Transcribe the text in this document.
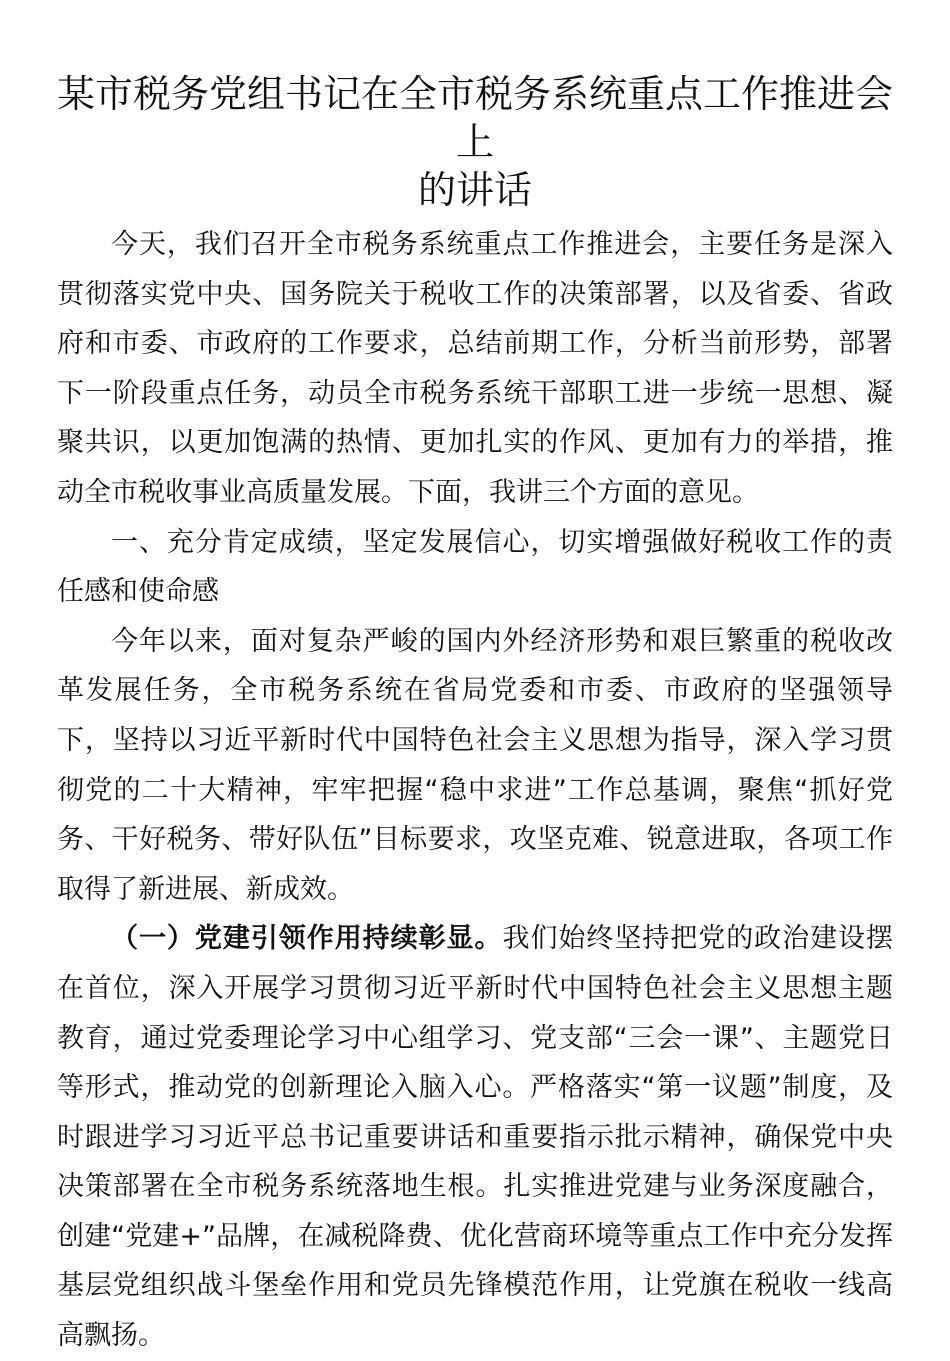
某市税务党组书记在全市税务系统重点工作推进会上
的讲话

今天，我们召开全市税务系统重点工作推进会，主要任务是深入贯彻落实党中央、国务院关于税收工作的决策部署，以及省委、省政府和市委、市政府的工作要求，总结前期工作，分析当前形势，部署下一阶段重点任务，动员全市税务系统干部职工进一步统一思想、凝聚共识，以更加饱满的热情、更加扎实的作风、更加有力的举措，推动全市税收事业高质量发展。下面，我讲三个方面的意见。

一、充分肯定成绩，坚定发展信心，切实增强做好税收工作的责任感和使命感

今年以来，面对复杂严峻的国内外经济形势和艰巨繁重的税收改革发展任务，全市税务系统在省局党委和市委、市政府的坚强领导下，坚持以习近平新时代中国特色社会主义思想为指导，深入学习贯彻党的二十大精神，牢牢把握“稳中求进”工作总基调，聚焦“抓好党务、干好税务、带好队伍”目标要求，攻坚克难、锐意进取，各项工作取得了新进展、新成效。

（一）党建引领作用持续彰显。我们始终坚持把党的政治建设摆在首位，深入开展学习贯彻习近平新时代中国特色社会主义思想主题教育，通过党委理论学习中心组学习、党支部“三会一课”、主题党日等形式，推动党的创新理论入脑入心。严格落实“第一议题”制度，及时跟进学习习近平总书记重要讲话和重要指示批示精神，确保党中央决策部署在全市税务系统落地生根。扎实推进党建与业务深度融合，创建“党建+”品牌，在减税降费、优化营商环境等重点工作中充分发挥基层党组织战斗堡垒作用和党员先锋模范作用，让党旗在税收一线高高飘扬。
